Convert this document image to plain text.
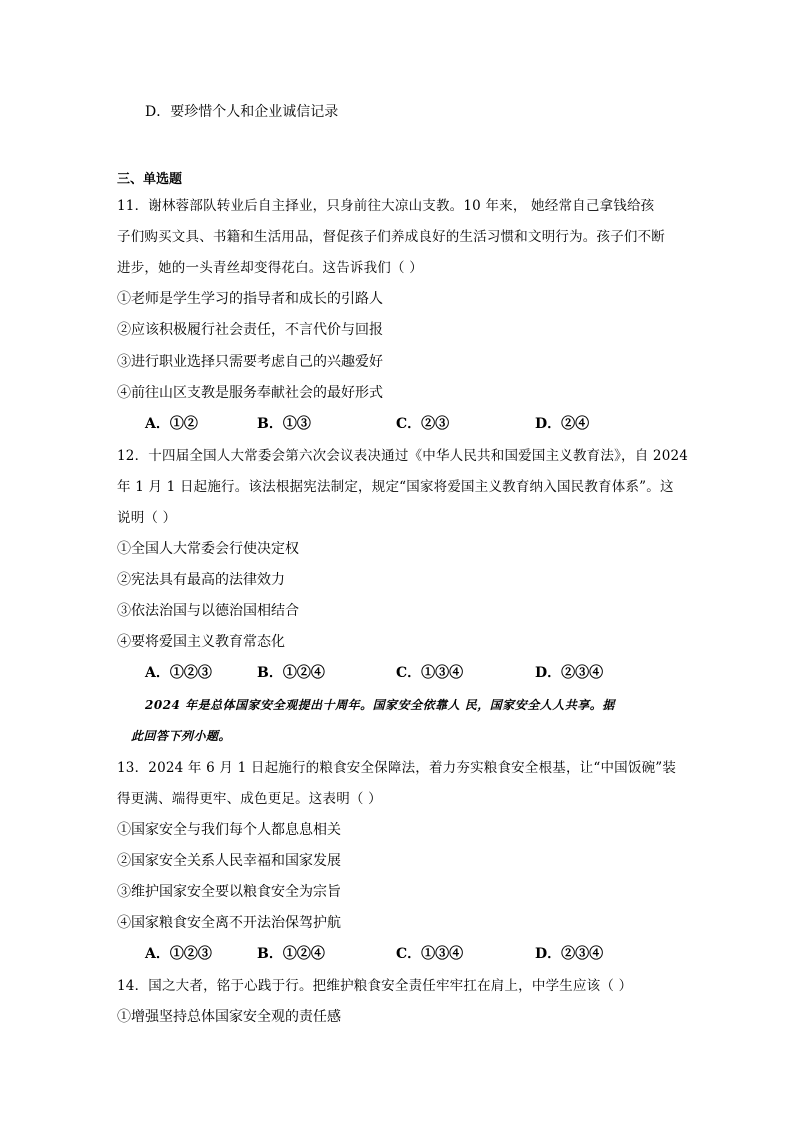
D．要珍惜个人和企业诚信记录
三、单选题
11．谢林蓉部队转业后自主择业，只身前往大凉山支教。10 年来， 她经常自己拿钱给孩
子们购买文具、书籍和生活用品，督促孩子们养成良好的生活习惯和文明行为。孩子们不断
进步，她的一头青丝却变得花白。这告诉我们（ ）
①老师是学生学习的指导者和成长的引路人
②应该积极履行社会责任，不言代价与回报
③进行职业选择只需要考虑自己的兴趣爱好
④前往山区支教是服务奉献社会的最好形式
A．①②	B．①③	C．②③	D．②④
12．十四届全国人大常委会第六次会议表决通过《中华人民共和国爱国主义教育法》，自 2024
年 1 月 1 日起施行。该法根据宪法制定，规定“国家将爱国主义教育纳入国民教育体系”。这
说明（ ）
①全国人大常委会行使决定权
②宪法具有最高的法律效力
③依法治国与以德治国相结合
④要将爱国主义教育常态化
A．①②③	B．①②④	C．①③④	D．②③④
2024 年是总体国家安全观提出十周年。国家安全依靠人 民，国家安全人人共享。据
此回答下列小题。
13．2024 年 6 月 1 日起施行的粮食安全保障法，着力夯实粮食安全根基，让“中国饭碗”装
得更满、端得更牢、成色更足。这表明（ ）
①国家安全与我们每个人都息息相关
②国家安全关系人民幸福和国家发展
③维护国家安全要以粮食安全为宗旨
④国家粮食安全离不开法治保驾护航
A．①②③	B．①②④	C．①③④	D．②③④
14．国之大者，铭于心践于行。把维护粮食安全责任牢牢扛在肩上，中学生应该（ ）
①增强坚持总体国家安全观的责任感
